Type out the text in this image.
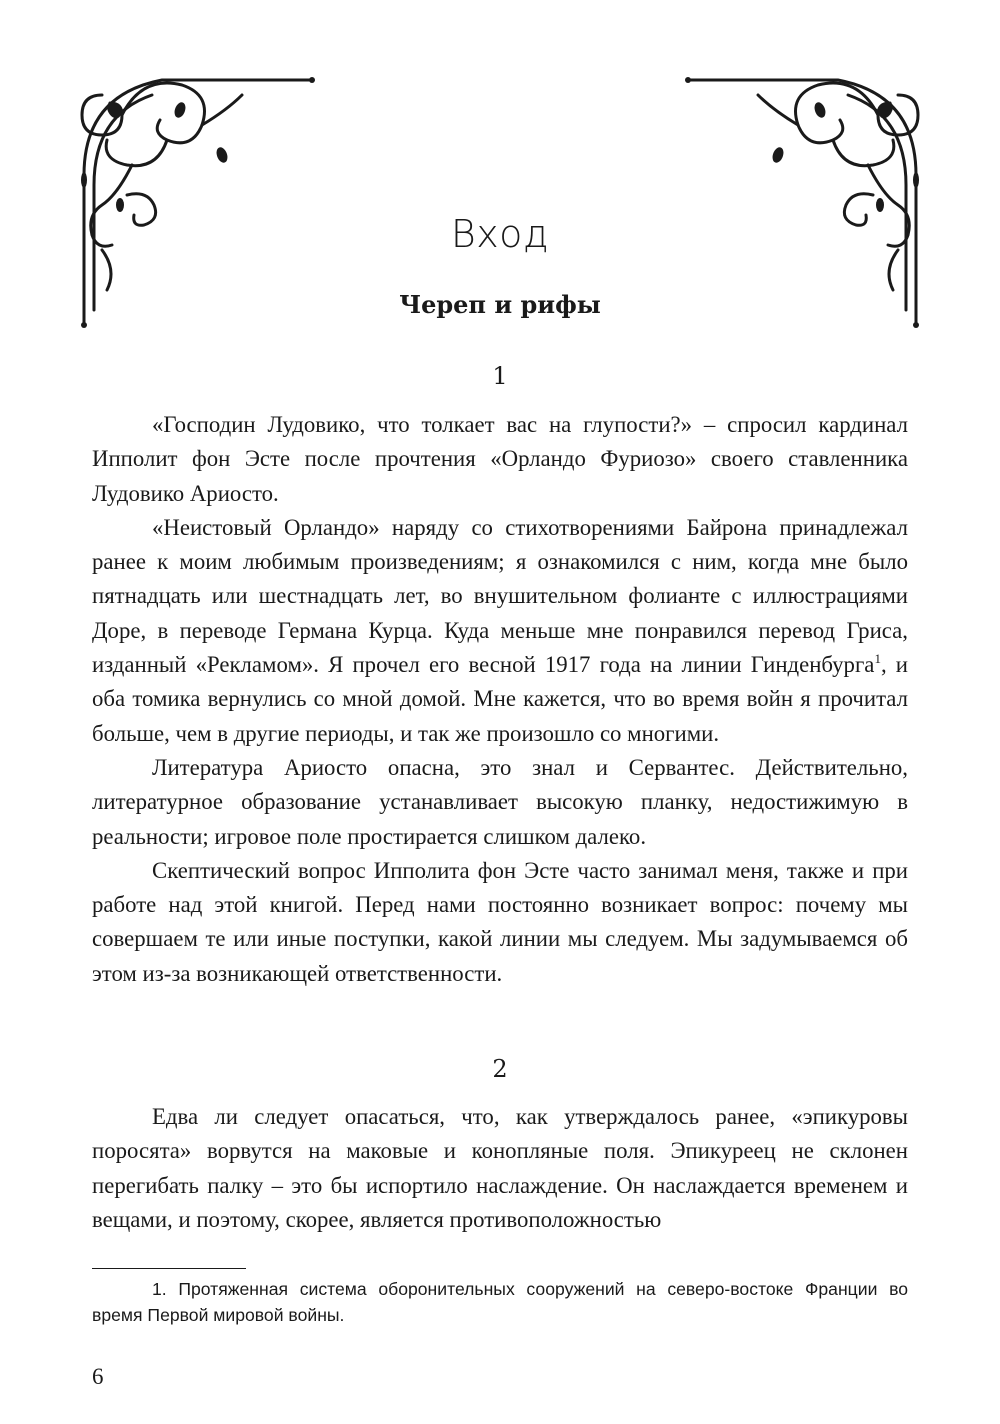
Вход
Череп и рифы
1

«Господин Лудовико, что толкает вас на глупости?» – спросил кардинал Ипполит фон Эсте после прочтения «Орландо Фуриозо» своего ставленника Лудовико Ариосто.

«Неистовый Орландо» наряду со стихотворениями Байрона принадлежал ранее к моим любимым произведениям; я ознакомился с ним, когда мне было пятнадцать или шестнадцать лет, во внушительном фолианте с иллюстрациями Доре, в переводе Германа Курца. Куда меньше мне понравился перевод Гриса, изданный «Рекламом». Я прочел его весной 1917 года на линии Гинденбурга$^1$, и оба томика вернулись со мной домой. Мне кажется, что во время войн я прочитал больше, чем в другие периоды, и так же произошло со многими.

Литература Ариосто опасна, это знал и Сервантес. Действительно, литературное образование устанавливает высокую планку, недостижимую в реальности; игровое поле простирается слишком далеко.

Скептический вопрос Ипполита фон Эсте часто занимал меня, также и при работе над этой книгой. Перед нами постоянно возникает вопрос: почему мы совершаем те или иные поступки, какой линии мы следуем. Мы задумываемся об этом из-за возникающей ответственности.

2

Едва ли следует опасаться, что, как утверждалось ранее, «эпикуровы поросята» ворвутся на маковые и конопляные поля. Эпикуреец не склонен перегибать палку – это бы испортило наслаждение. Он наслаждается временем и вещами, и поэтому, скорее, является противоположностью

1. Протяженная система оборонительных сооружений на северо-востоке Франции во время Первой мировой войны.

6
